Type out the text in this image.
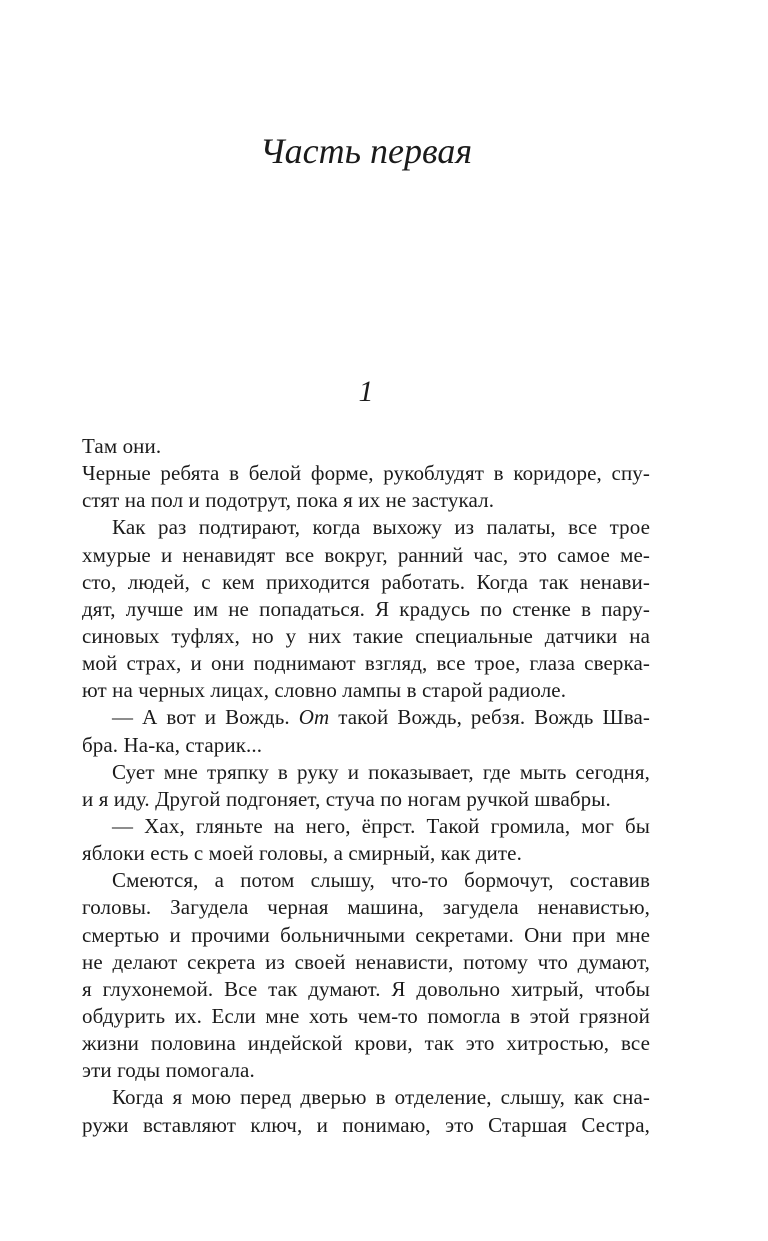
Часть первая
1
Там они.
Черные ребята в белой форме, рукоблудят в коридоре, спу-
стят на пол и подотрут, пока я их не застукал.
Как раз подтирают, когда выхожу из палаты, все трое
хмурые и ненавидят все вокруг, ранний час, это самое ме-
сто, людей, с кем приходится работать. Когда так ненави-
дят, лучше им не попадаться. Я крадусь по стенке в пару-
синовых туфлях, но у них такие специальные датчики на
мой страх, и они поднимают взгляд, все трое, глаза сверка-
ют на черных лицах, словно лампы в старой радиоле.
— А вот и Вождь. От такой Вождь, ребзя. Вождь Шва-
бра. На-ка, старик...
Сует мне тряпку в руку и показывает, где мыть сегодня,
и я иду. Другой подгоняет, стуча по ногам ручкой швабры.
— Хах, гляньте на него, ёпрст. Такой громила, мог бы
яблоки есть с моей головы, а смирный, как дите.
Смеются, а потом слышу, что-то бормочут, составив
головы. Загудела черная машина, загудела ненавистью,
смертью и прочими больничными секретами. Они при мне
не делают секрета из своей ненависти, потому что думают,
я глухонемой. Все так думают. Я довольно хитрый, чтобы
обдурить их. Если мне хоть чем-то помогла в этой грязной
жизни половина индейской крови, так это хитростью, все
эти годы помогала.
Когда я мою перед дверью в отделение, слышу, как сна-
ружи вставляют ключ, и понимаю, это Старшая Сестра,
